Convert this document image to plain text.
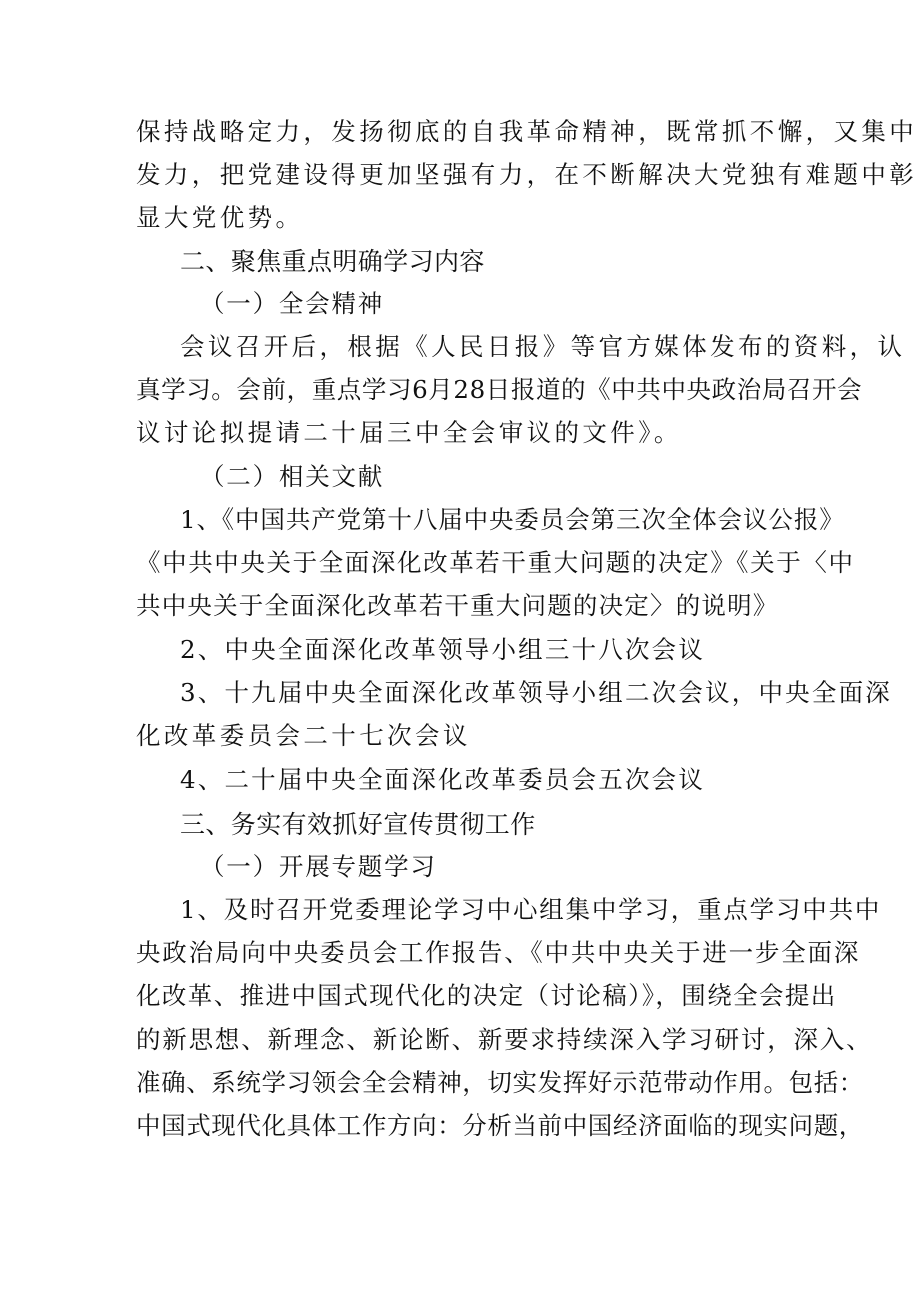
保持战略定力，发扬彻底的自我革命精神，既常抓不懈，又集中
发力，把党建设得更加坚强有力，在不断解决大党独有难题中彰
显大党优势。
二、聚焦重点明确学习内容
（一）全会精神
会议召开后，根据《人民日报》等官方媒体发布的资料，认
真学习。会前，重点学习6月28日报道的《中共中央政治局召开会
议讨论拟提请二十届三中全会审议的文件》。
（二）相关文献
1、《中国共产党第十八届中央委员会第三次全体会议公报》
《中共中央关于全面深化改革若干重大问题的决定》《关于〈中
共中央关于全面深化改革若干重大问题的决定〉的说明》
2、中央全面深化改革领导小组三十八次会议
3、十九届中央全面深化改革领导小组二次会议，中央全面深
化改革委员会二十七次会议
4、二十届中央全面深化改革委员会五次会议
三、务实有效抓好宣传贯彻工作
（一）开展专题学习
1、及时召开党委理论学习中心组集中学习，重点学习中共中
央政治局向中央委员会工作报告、《中共中央关于进一步全面深
化改革、推进中国式现代化的决定（讨论稿）》，围绕全会提出
的新思想、新理念、新论断、新要求持续深入学习研讨，深入、
准确、系统学习领会全会精神，切实发挥好示范带动作用。包括：
中国式现代化具体工作方向：分析当前中国经济面临的现实问题，
